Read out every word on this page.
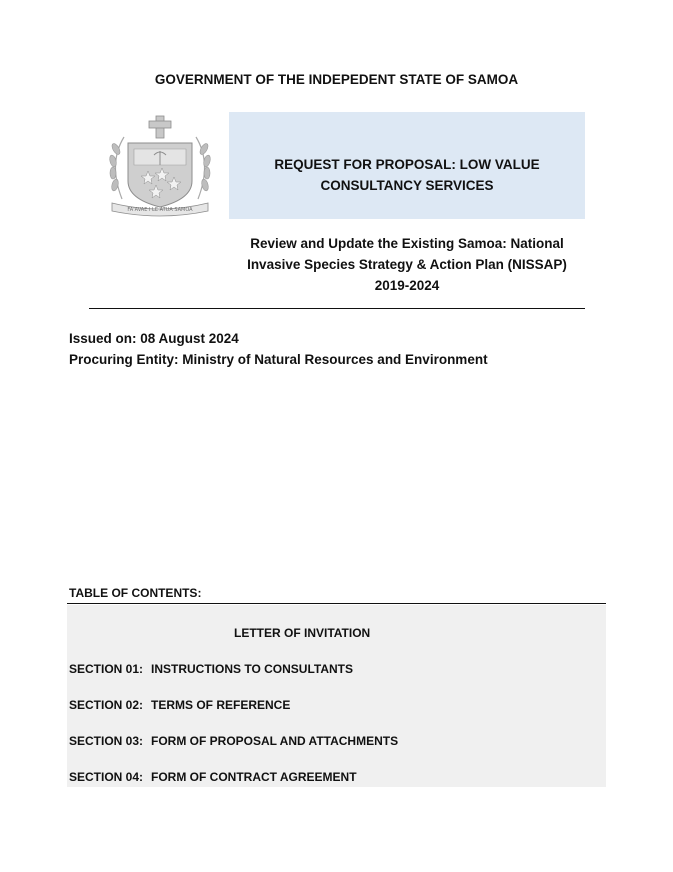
GOVERNMENT OF THE INDEPEDENT STATE OF SAMOA
FA'AVAE I LE ATUA SAMOA
REQUEST FOR PROPOSAL: LOW VALUE
CONSULTANCY SERVICES
Review and Update the Existing Samoa: National
Invasive Species Strategy & Action Plan (NISSAP)
2019-2024
Issued on: 08 August 2024
Procuring Entity: Ministry of Natural Resources and Environment
TABLE OF CONTENTS:
LETTER OF INVITATION
SECTION 01: INSTRUCTIONS TO CONSULTANTS
SECTION 02: TERMS OF REFERENCE
SECTION 03: FORM OF PROPOSAL AND ATTACHMENTS
SECTION 04: FORM OF CONTRACT AGREEMENT
